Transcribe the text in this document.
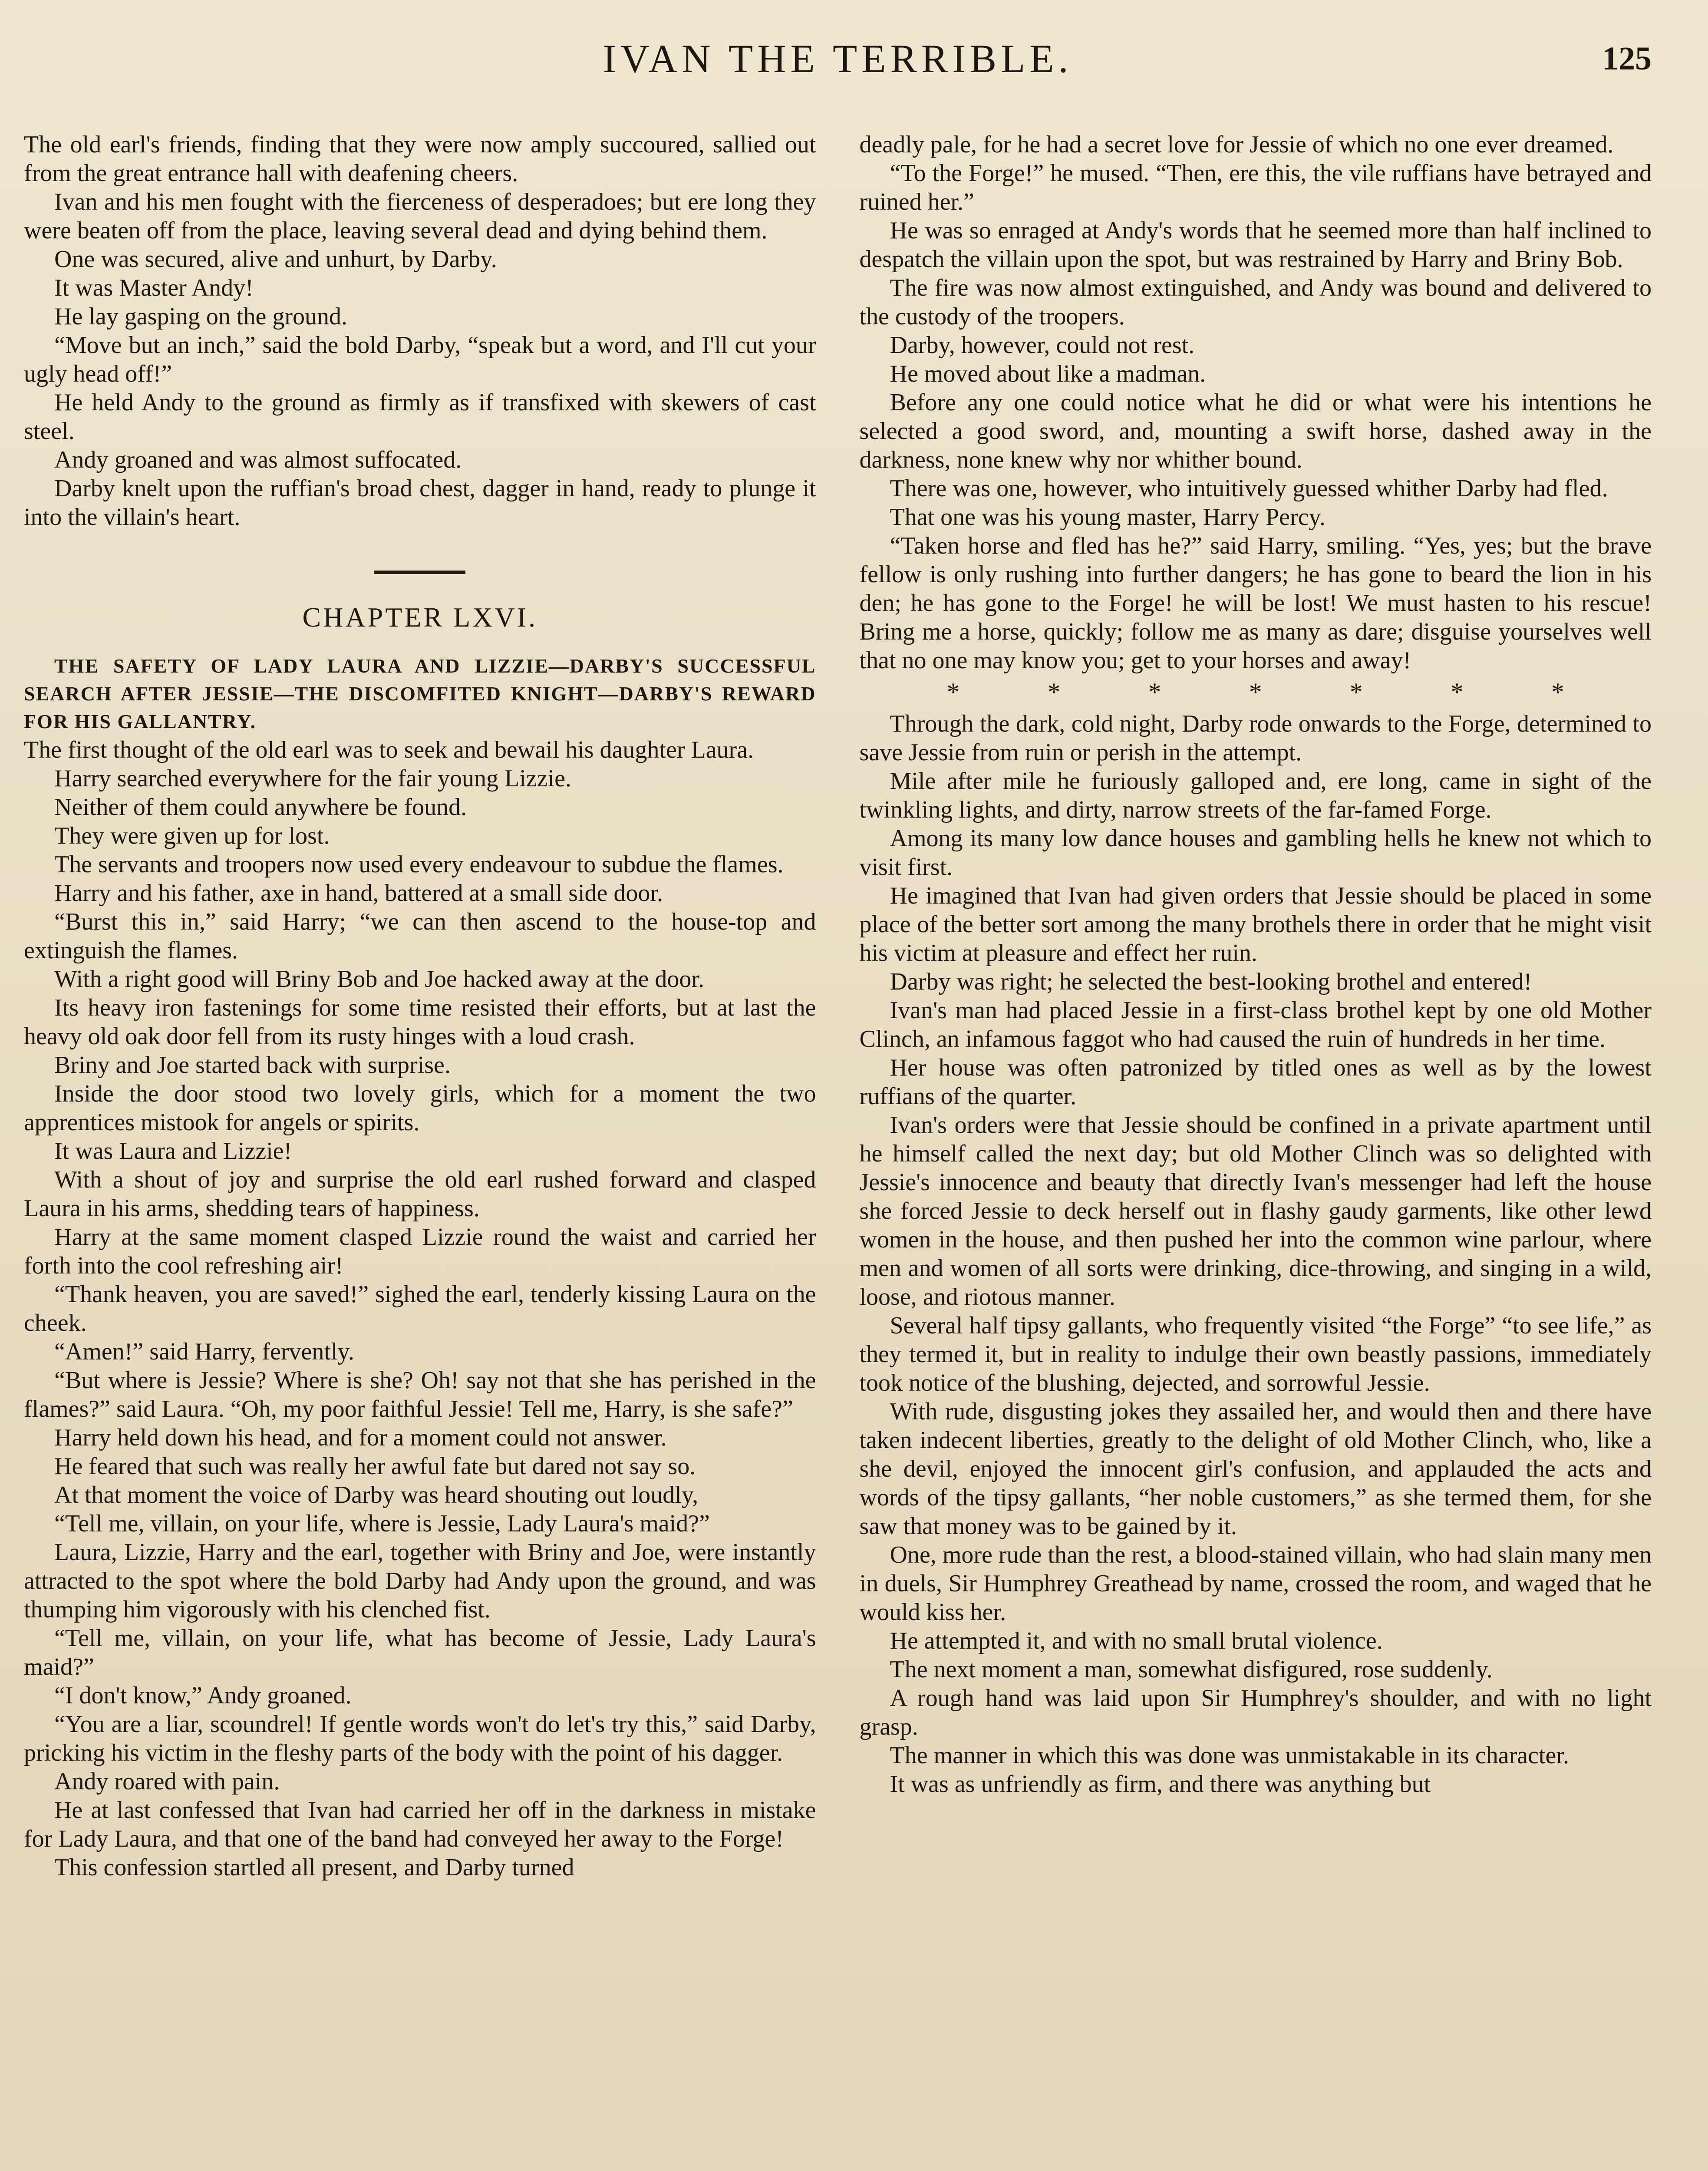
IVAN THE TERRIBLE.	125

The old earl's friends, finding that they were now amply succoured, sallied out from the great entrance hall with deafening cheers.

Ivan and his men fought with the fierceness of desperadoes; but ere long they were beaten off from the place, leaving several dead and dying behind them.

One was secured, alive and unhurt, by Darby.

It was Master Andy!

He lay gasping on the ground.

“Move but an inch,” said the bold Darby, “speak but a word, and I'll cut your ugly head off!”

He held Andy to the ground as firmly as if transfixed with skewers of cast steel.

Andy groaned and was almost suffocated.

Darby knelt upon the ruffian's broad chest, dagger in hand, ready to plunge it into the villain's heart.

CHAPTER LXVI.

THE SAFETY OF LADY LAURA AND LIZZIE—DARBY'S SUCCESSFUL SEARCH AFTER JESSIE—THE DISCOMFITED KNIGHT—DARBY'S REWARD FOR HIS GALLANTRY.

The first thought of the old earl was to seek and bewail his daughter Laura.

Harry searched everywhere for the fair young Lizzie.

Neither of them could anywhere be found.

They were given up for lost.

The servants and troopers now used every endeavour to subdue the flames.

Harry and his father, axe in hand, battered at a small side door.

“Burst this in,” said Harry; “we can then ascend to the house-top and extinguish the flames.

With a right good will Briny Bob and Joe hacked away at the door.

Its heavy iron fastenings for some time resisted their efforts, but at last the heavy old oak door fell from its rusty hinges with a loud crash.

Briny and Joe started back with surprise.

Inside the door stood two lovely girls, which for a moment the two apprentices mistook for angels or spirits.

It was Laura and Lizzie!

With a shout of joy and surprise the old earl rushed forward and clasped Laura in his arms, shedding tears of happiness.

Harry at the same moment clasped Lizzie round the waist and carried her forth into the cool refreshing air!

“Thank heaven, you are saved!” sighed the earl, tenderly kissing Laura on the cheek.

“Amen!” said Harry, fervently.

“But where is Jessie? Where is she? Oh! say not that she has perished in the flames?” said Laura. “Oh, my poor faithful Jessie! Tell me, Harry, is she safe?”

Harry held down his head, and for a moment could not answer.

He feared that such was really her awful fate but dared not say so.

At that moment the voice of Darby was heard shouting out loudly,

“Tell me, villain, on your life, where is Jessie, Lady Laura's maid?”

Laura, Lizzie, Harry and the earl, together with Briny and Joe, were instantly attracted to the spot where the bold Darby had Andy upon the ground, and was thumping him vigorously with his clenched fist.

“Tell me, villain, on your life, what has become of Jessie, Lady Laura's maid?”

“I don't know,” Andy groaned.

“You are a liar, scoundrel! If gentle words won't do let's try this,” said Darby, pricking his victim in the fleshy parts of the body with the point of his dagger.

Andy roared with pain.

He at last confessed that Ivan had carried her off in the darkness in mistake for Lady Laura, and that one of the band had conveyed her away to the Forge!

This confession startled all present, and Darby turned

deadly pale, for he had a secret love for Jessie of which no one ever dreamed.

“To the Forge!” he mused. “Then, ere this, the vile ruffians have betrayed and ruined her.”

He was so enraged at Andy's words that he seemed more than half inclined to despatch the villain upon the spot, but was restrained by Harry and Briny Bob.

The fire was now almost extinguished, and Andy was bound and delivered to the custody of the troopers.

Darby, however, could not rest.

He moved about like a madman.

Before any one could notice what he did or what were his intentions he selected a good sword, and, mounting a swift horse, dashed away in the darkness, none knew why nor whither bound.

There was one, however, who intuitively guessed whither Darby had fled.

That one was his young master, Harry Percy.

“Taken horse and fled has he?” said Harry, smiling. “Yes, yes; but the brave fellow is only rushing into further dangers; he has gone to beard the lion in his den; he has gone to the Forge! he will be lost! We must hasten to his rescue! Bring me a horse, quickly; follow me as many as dare; disguise yourselves well that no one may know you; get to your horses and away!

*	*	*	*	*	*	*

Through the dark, cold night, Darby rode onwards to the Forge, determined to save Jessie from ruin or perish in the attempt.

Mile after mile he furiously galloped and, ere long, came in sight of the twinkling lights, and dirty, narrow streets of the far-famed Forge.

Among its many low dance houses and gambling hells he knew not which to visit first.

He imagined that Ivan had given orders that Jessie should be placed in some place of the better sort among the many brothels there in order that he might visit his victim at pleasure and effect her ruin.

Darby was right; he selected the best-looking brothel and entered!

Ivan's man had placed Jessie in a first-class brothel kept by one old Mother Clinch, an infamous faggot who had caused the ruin of hundreds in her time.

Her house was often patronized by titled ones as well as by the lowest ruffians of the quarter.

Ivan's orders were that Jessie should be confined in a private apartment until he himself called the next day; but old Mother Clinch was so delighted with Jessie's innocence and beauty that directly Ivan's messenger had left the house she forced Jessie to deck herself out in flashy gaudy garments, like other lewd women in the house, and then pushed her into the common wine parlour, where men and women of all sorts were drinking, dice-throwing, and singing in a wild, loose, and riotous manner.

Several half tipsy gallants, who frequently visited “the Forge” “to see life,” as they termed it, but in reality to indulge their own beastly passions, immediately took notice of the blushing, dejected, and sorrowful Jessie.

With rude, disgusting jokes they assailed her, and would then and there have taken indecent liberties, greatly to the delight of old Mother Clinch, who, like a she devil, enjoyed the innocent girl's confusion, and applauded the acts and words of the tipsy gallants, “her noble customers,” as she termed them, for she saw that money was to be gained by it.

One, more rude than the rest, a blood-stained villain, who had slain many men in duels, Sir Humphrey Greathead by name, crossed the room, and waged that he would kiss her.

He attempted it, and with no small brutal violence.

The next moment a man, somewhat disfigured, rose suddenly.

A rough hand was laid upon Sir Humphrey's shoulder, and with no light grasp.

The manner in which this was done was unmistakable in its character.

It was as unfriendly as firm, and there was anything but
